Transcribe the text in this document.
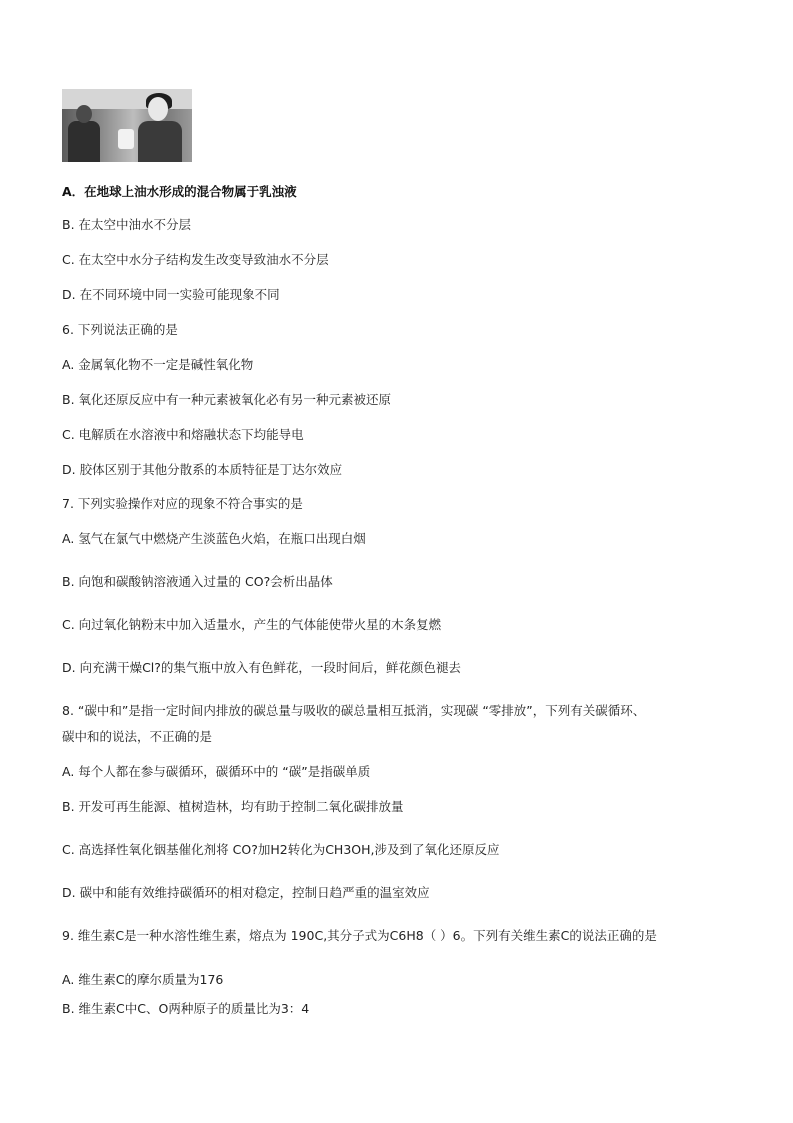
A．在地球上油水形成的混合物属于乳浊液
B. 在太空中油水不分层
C. 在太空中水分子结构发生改变导致油水不分层
D. 在不同环境中同一实验可能现象不同
6. 下列说法正确的是
A. 金属氧化物不一定是碱性氧化物
B. 氧化还原反应中有一种元素被氧化必有另一种元素被还原
C. 电解质在水溶液中和熔融状态下均能导电
D. 胶体区别于其他分散系的本质特征是丁达尔效应
7. 下列实验操作对应的现象不符合事实的是
A. 氢气在氯气中燃烧产生淡蓝色火焰，在瓶口出现白烟
B. 向饱和碳酸钠溶液通入过量的 CO?会析出晶体
C. 向过氧化钠粉末中加入适量水，产生的气体能使带火星的木条复燃
D. 向充满干燥Cl?的集气瓶中放入有色鲜花，一段时间后，鲜花颜色褪去
8. “碳中和”是指一定时间内排放的碳总量与吸收的碳总量相互抵消，实现碳 “零排放”，下列有关碳循环、
碳中和的说法，不正确的是
A. 每个人都在参与碳循环，碳循环中的 “碳”是指碳单质
B. 开发可再生能源、植树造林，均有助于控制二氧化碳排放量
C. 高选择性氧化铟基催化剂将 CO?加H2转化为CH3OH,涉及到了氧化还原反应
D. 碳中和能有效维持碳循环的相对稳定，控制日趋严重的温室效应
9. 维生素C是一种水溶性维生素，熔点为 190C,其分子式为C6H8（ ）6。下列有关维生素C的说法正确的是
A. 维生素C的摩尔质量为176
B. 维生素C中C、O两种原子的质量比为3：4
